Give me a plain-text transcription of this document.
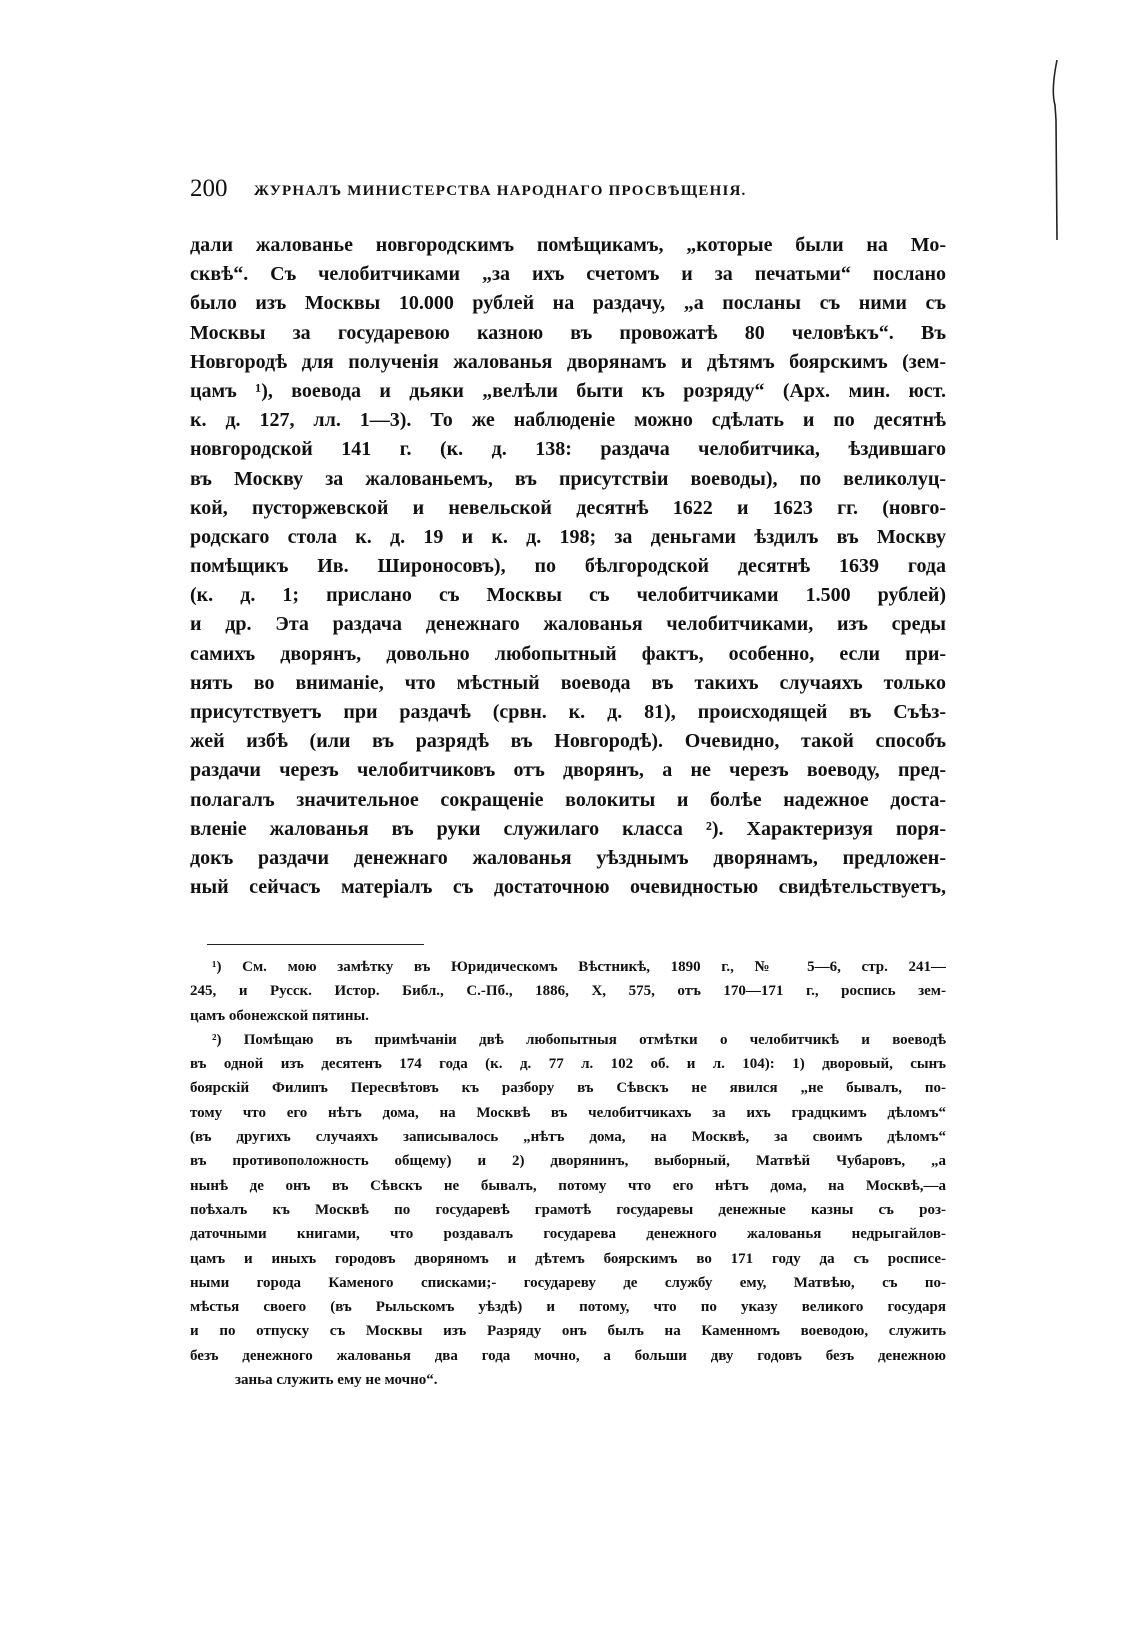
200 ЖУРНАЛЪ МИНИСТЕРСТВА НАРОДНАГО ПРОСВѢЩЕНІЯ.
дали жалованье новгородскимъ помѣщикамъ, „которые были на Мо-
сквѣ“. Съ челобитчиками „за ихъ счетомъ и за печатьми“ послано
было изъ Москвы 10.000 рублей на раздачу, „а посланы съ ними съ
Москвы за государевою казною въ провожатѣ 80 человѣкъ“. Въ
Новгородѣ для полученія жалованья дворянамъ и дѣтямъ боярскимъ (зем-
цамъ ¹), воевода и дьяки „велѣли быти къ розряду“ (Арх. мин. юст.
к. д. 127, лл. 1—3). То же наблюденіе можно сдѣлать и по десятнѣ
новгородской 141 г. (к. д. 138: раздача челобитчика, ѣздившаго
въ Москву за жалованьемъ, въ присутствіи воеводы), по великолуц-
кой, пусторжевской и невельской десятнѣ 1622 и 1623 гг. (новго-
родскаго стола к. д. 19 и к. д. 198; за деньгами ѣздилъ въ Москву
помѣщикъ Ив. Широносовъ), по бѣлгородской десятнѣ 1639 года
(к. д. 1; прислано съ Москвы съ челобитчиками 1.500 рублей)
и др. Эта раздача денежнаго жалованья челобитчиками, изъ среды
самихъ дворянъ, довольно любопытный фактъ, особенно, если при-
нять во вниманіе, что мѣстный воевода въ такихъ случаяхъ только
присутствуетъ при раздачѣ (срвн. к. д. 81), происходящей въ Съѣз-
жей избѣ (или въ разрядѣ въ Новгородѣ). Очевидно, такой способъ
раздачи черезъ челобитчиковъ отъ дворянъ, а не черезъ воеводу, пред-
полагалъ значительное сокращеніе волокиты и болѣе надежное доста-
вленіе жалованья въ руки служилаго класса ²). Характеризуя поря-
докъ раздачи денежнаго жалованья уѣзднымъ дворянамъ, предложен-
ный сейчасъ матеріалъ съ достаточною очевидностью свидѣтельствуетъ,
¹) См. мою замѣтку въ Юридическомъ Вѣстникѣ, 1890 г., № 5—6, стр. 241—
245, и Русск. Истор. Библ., С.-Пб., 1886, X, 575, отъ 170—171 г., роспись зем-
цамъ обонежской пятины.
²) Помѣщаю въ примѣчаніи двѣ любопытныя отмѣтки о челобитчикѣ и воеводѣ
въ одной изъ десятенъ 174 года (к. д. 77 л. 102 об. и л. 104): 1) дворовый, сынъ
боярскій Филипъ Пересвѣтовъ къ разбору въ Сѣвскъ не явился „не бывалъ, по-
тому что его нѣтъ дома, на Москвѣ въ челобитчикахъ за ихъ градцкимъ дѣломъ“
(въ другихъ случаяхъ записывалось „нѣтъ дома, на Москвѣ, за своимъ дѣломъ“
въ противоположность общему) и 2) дворянинъ, выборный, Матвѣй Чубаровъ, „а
нынѣ де онъ въ Сѣвскъ не бывалъ, потому что его нѣтъ дома, на Москвѣ,—а
поѣхалъ къ Москвѣ по государевѣ грамотѣ государевы денежные казны съ роз-
даточными книгами, что роздавалъ государева денежного жалованья недрыгайлов-
цамъ и иныхъ городовъ дворяномъ и дѣтемъ боярскимъ во 171 году да съ росписе-
ными города Каменого списками;- государеву де службу ему, Матвѣю, съ по-
мѣстья своего (въ Рыльскомъ уѣздѣ) и потому, что по указу великого государя
и по отпуску съ Москвы изъ Разряду онъ былъ на Каменномъ воеводою, служить
безъ денежного жалованья два года мочно, а больши дву годовъ безъ денежною
заньа служить ему не мочно“.
